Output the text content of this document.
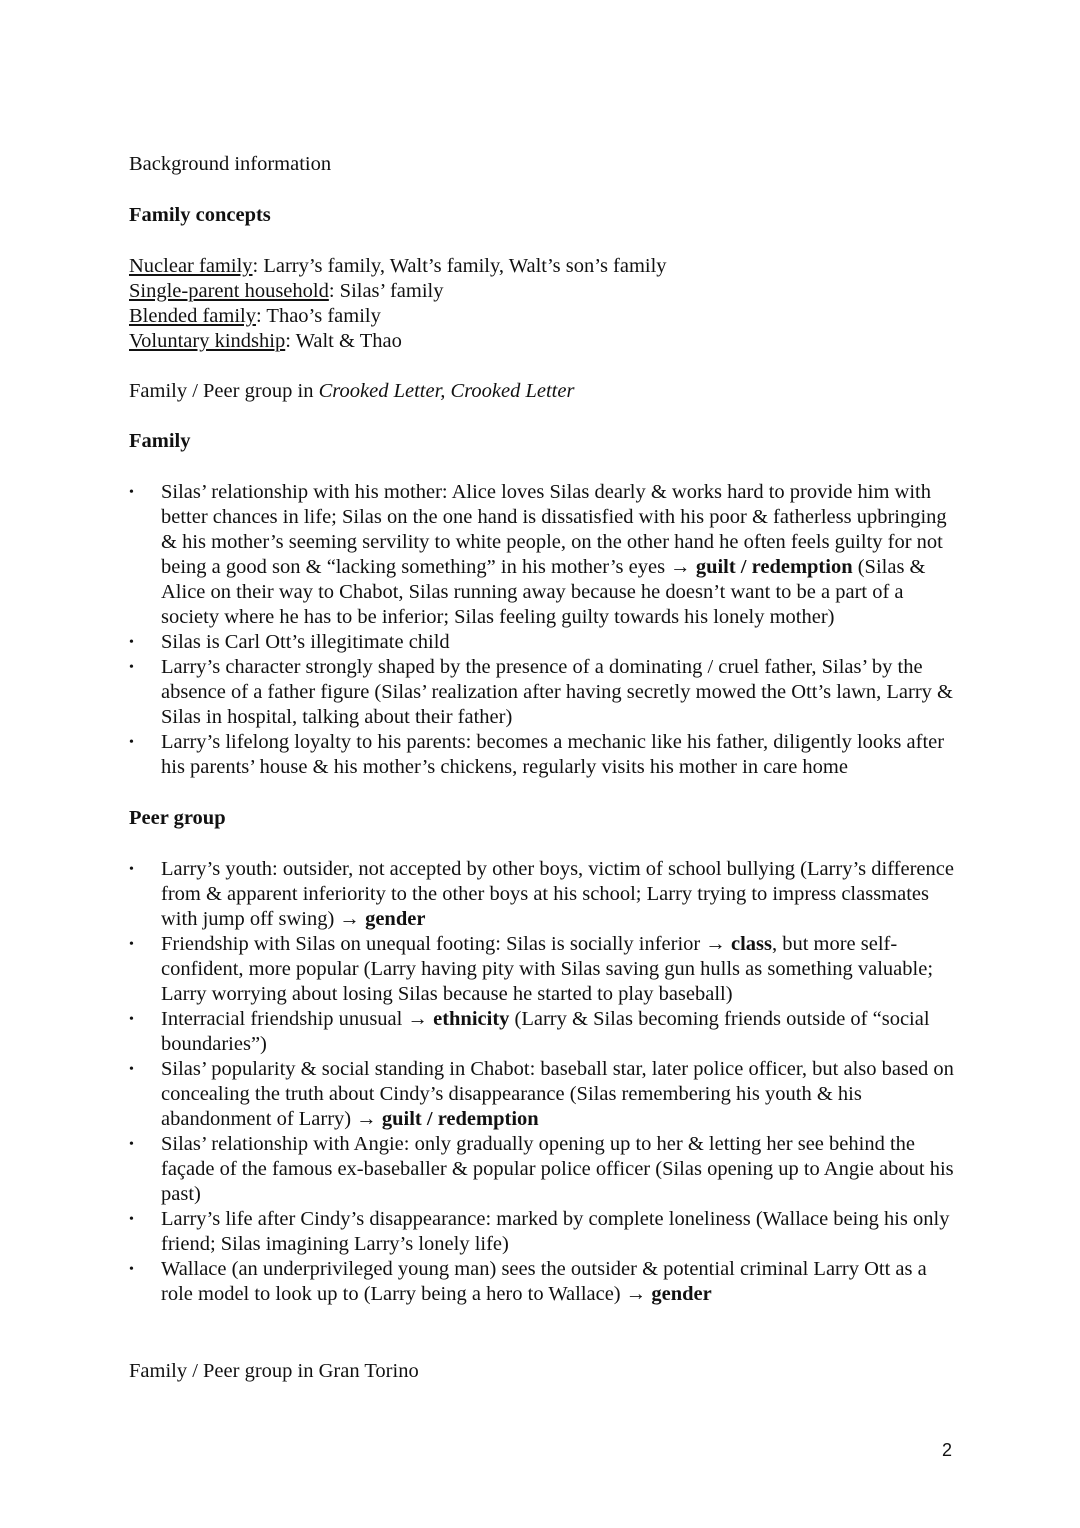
Background information

Family concepts

Nuclear family: Larry’s family, Walt’s family, Walt’s son’s family

Single-parent household: Silas’ family

Blended family: Thao’s family

Voluntary kindship: Walt & Thao

Family / Peer group in Crooked Letter, Crooked Letter

Family

• Silas’ relationship with his mother: Alice loves Silas dearly & works hard to provide him with better chances in life; Silas on the one hand is dissatisfied with his poor & fatherless upbringing & his mother’s seeming servility to white people, on the other hand he often feels guilty for not being a good son & “lacking something” in his mother’s eyes → guilt / redemption (Silas & Alice on their way to Chabot, Silas running away because he doesn’t want to be a part of a society where he has to be inferior; Silas feeling guilty towards his lonely mother)
• Silas is Carl Ott’s illegitimate child
• Larry’s character strongly shaped by the presence of a dominating / cruel father, Silas’ by the absence of a father figure (Silas’ realization after having secretly mowed the Ott’s lawn, Larry & Silas in hospital, talking about their father)
• Larry’s lifelong loyalty to his parents: becomes a mechanic like his father, diligently looks after his parents’ house & his mother’s chickens, regularly visits his mother in care home

Peer group

• Larry’s youth: outsider, not accepted by other boys, victim of school bullying (Larry’s difference from & apparent inferiority to the other boys at his school; Larry trying to impress classmates with jump off swing) → gender
• Friendship with Silas on unequal footing: Silas is socially inferior → class, but more self-confident, more popular (Larry having pity with Silas saving gun hulls as something valuable; Larry worrying about losing Silas because he started to play baseball)
• Interracial friendship unusual → ethnicity (Larry & Silas becoming friends outside of “social boundaries”)
• Silas’ popularity & social standing in Chabot: baseball star, later police officer, but also based on concealing the truth about Cindy’s disappearance (Silas remembering his youth & his abandonment of Larry) → guilt / redemption
• Silas’ relationship with Angie: only gradually opening up to her & letting her see behind the façade of the famous ex-baseballer & popular police officer (Silas opening up to Angie about his past)
• Larry’s life after Cindy’s disappearance: marked by complete loneliness (Wallace being his only friend; Silas imagining Larry’s lonely life)
• Wallace (an underprivileged young man) sees the outsider & potential criminal Larry Ott as a role model to look up to (Larry being a hero to Wallace) → gender

Family / Peer group in Gran Torino

2
